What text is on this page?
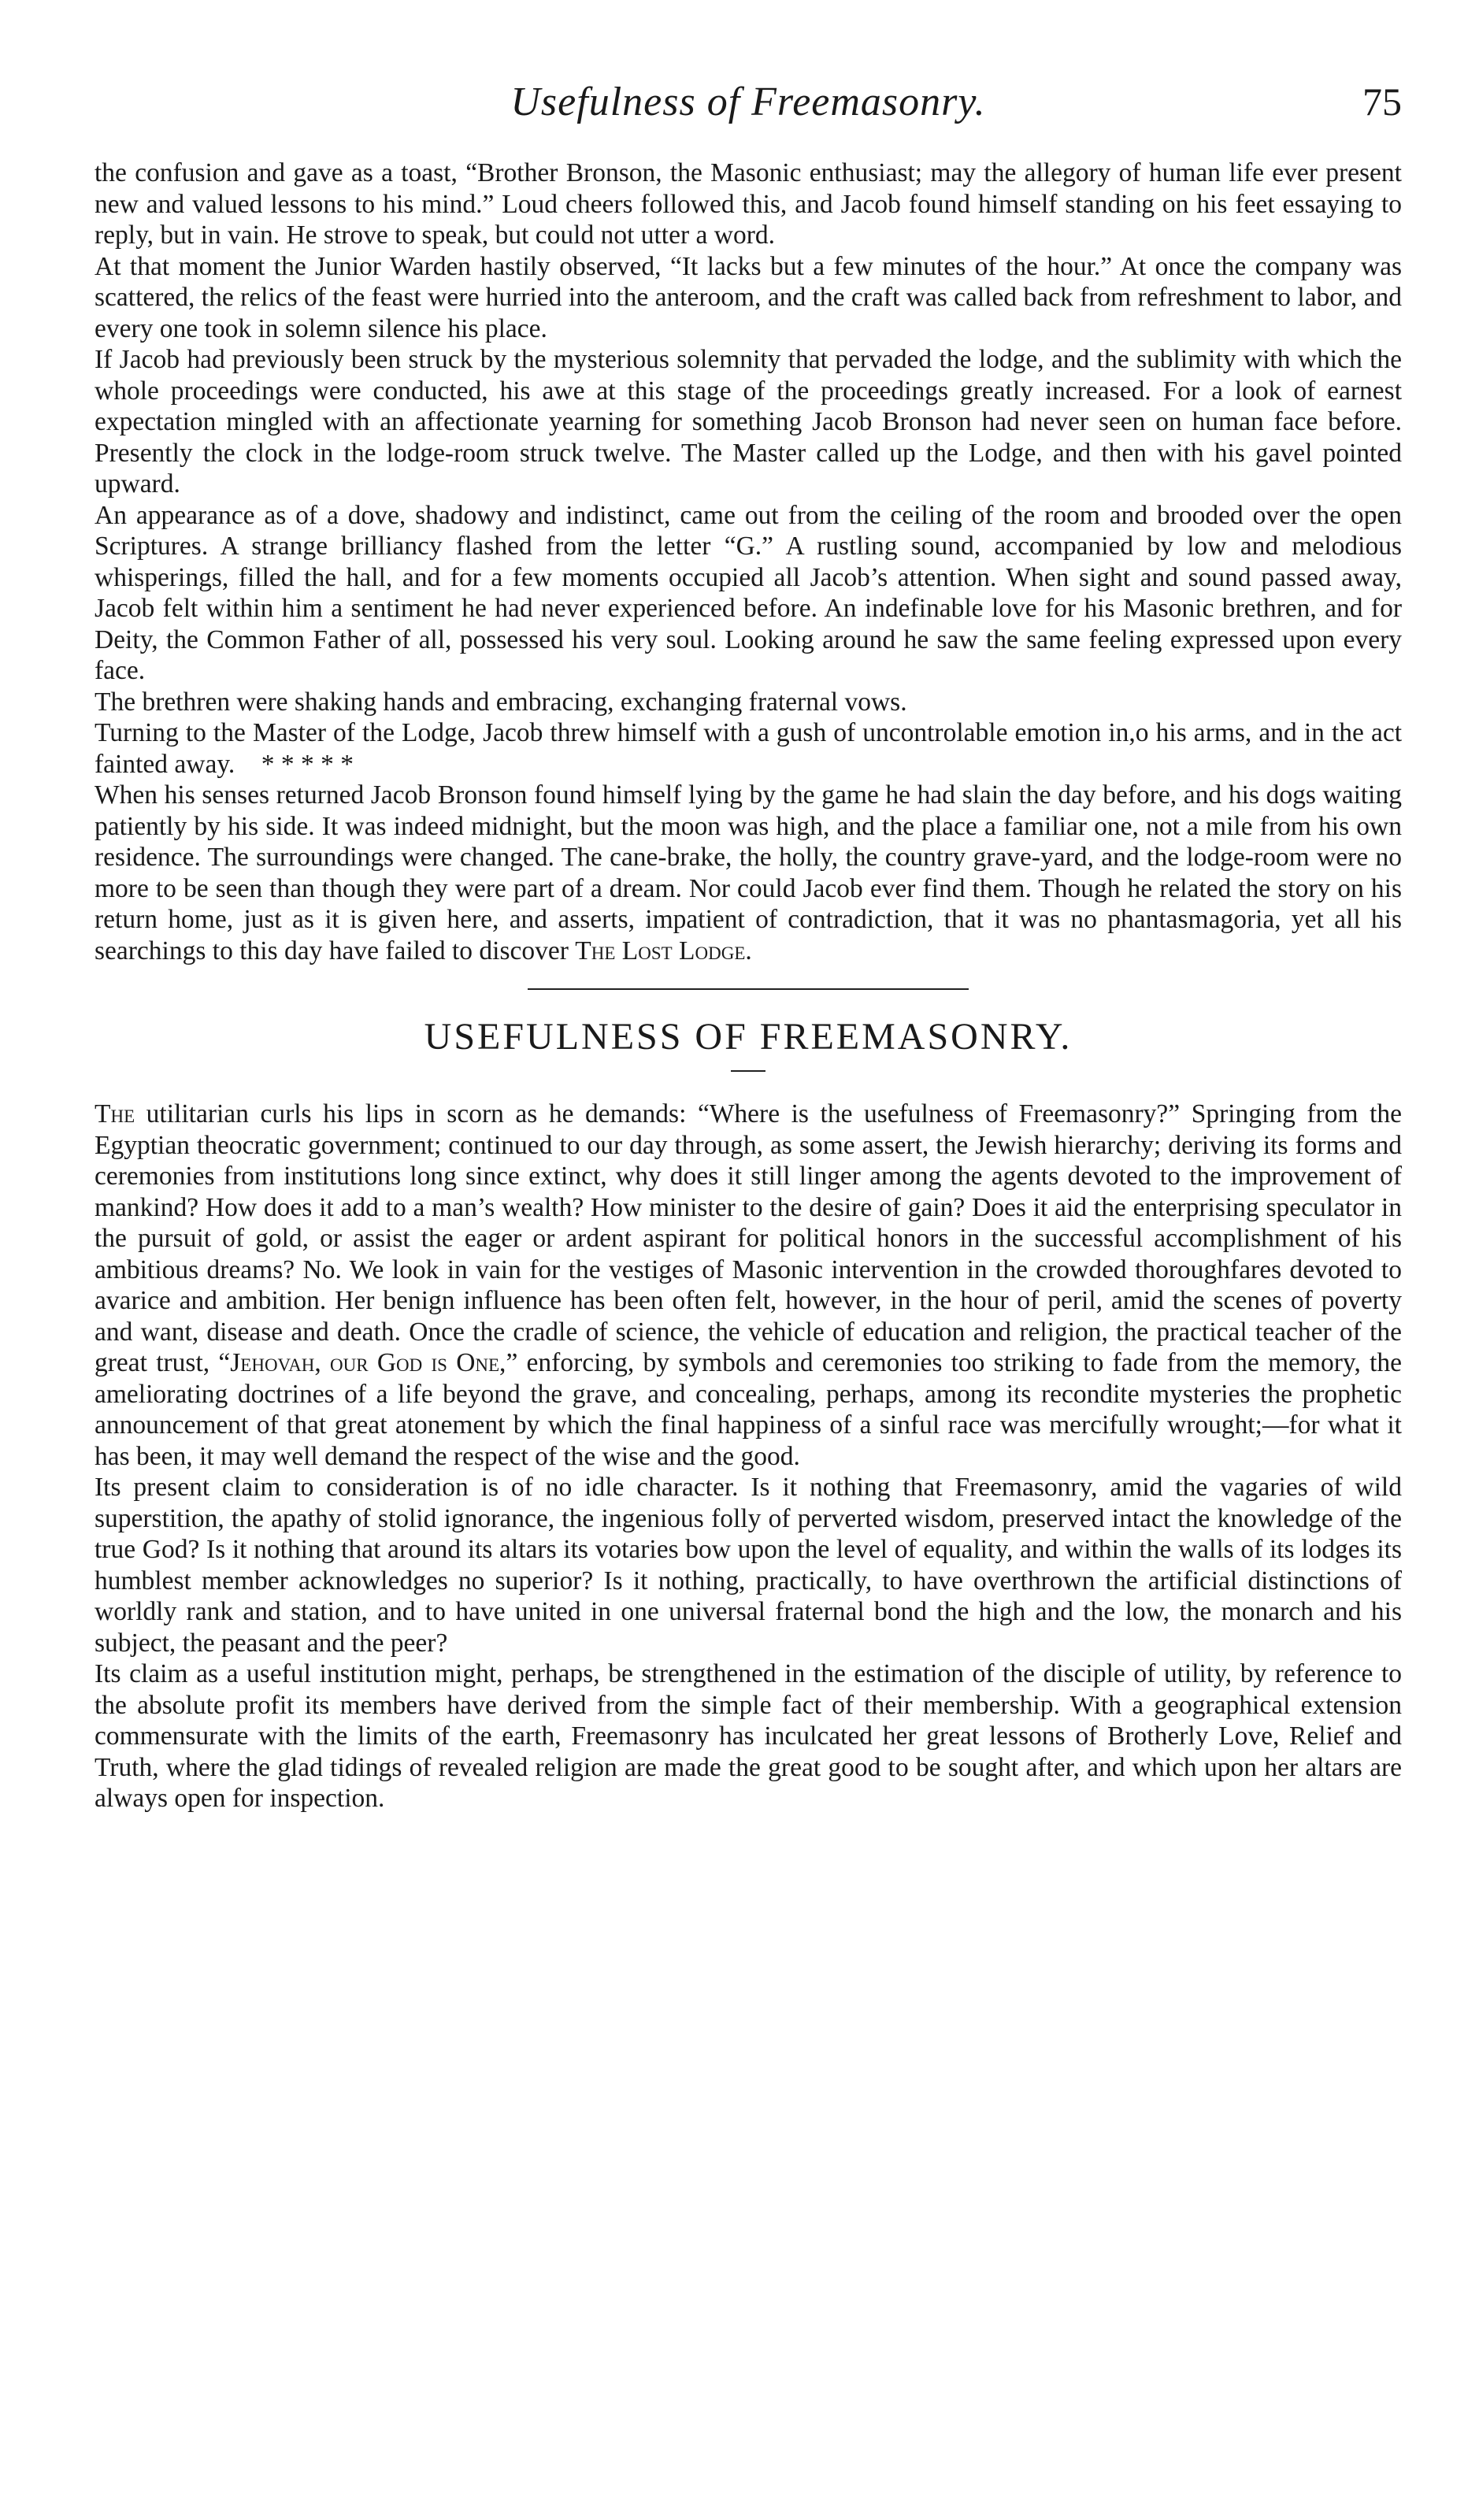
Usefulness of Freemasonry.	75

the confusion and gave as a toast, “Brother Bronson, the Masonic enthusiast; may the allegory of human life ever present new and valued lessons to his mind.” Loud cheers followed this, and Jacob found himself standing on his feet essaying to reply, but in vain. He strove to speak, but could not utter a word.

At that moment the Junior Warden hastily observed, “It lacks but a few minutes of the hour.” At once the company was scattered, the relics of the feast were hurried into the anteroom, and the craft was called back from refreshment to labor, and every one took in solemn silence his place.

If Jacob had previously been struck by the mysterious solemnity that pervaded the lodge, and the sublimity with which the whole proceedings were conducted, his awe at this stage of the proceedings greatly increased. For a look of earnest expectation mingled with an affectionate yearning for something Jacob Bronson had never seen on human face before. Presently the clock in the lodge-room struck twelve. The Master called up the Lodge, and then with his gavel pointed upward.

An appearance as of a dove, shadowy and indistinct, came out from the ceiling of the room and brooded over the open Scriptures. A strange brilliancy flashed from the letter “G.” A rustling sound, accompanied by low and melodious whisperings, filled the hall, and for a few moments occupied all Jacob’s attention. When sight and sound passed away, Jacob felt within him a sentiment he had never experienced before. An indefinable love for his Masonic brethren, and for Deity, the Common Father of all, possessed his very soul. Looking around he saw the same feeling expressed upon every face.

The brethren were shaking hands and embracing, exchanging fraternal vows.

Turning to the Master of the Lodge, Jacob threw himself with a gush of uncontrolable emotion in,o his arms, and in the act fainted away. * * * * *

When his senses returned Jacob Bronson found himself lying by the game he had slain the day before, and his dogs waiting patiently by his side. It was indeed midnight, but the moon was high, and the place a familiar one, not a mile from his own residence. The surroundings were changed. The cane-brake, the holly, the country grave-yard, and the lodge-room were no more to be seen than though they were part of a dream. Nor could Jacob ever find them. Though he related the story on his return home, just as it is given here, and asserts, impatient of contradiction, that it was no phantasmagoria, yet all his searchings to this day have failed to discover The Lost Lodge.

USEFULNESS OF FREEMASONRY.

The utilitarian curls his lips in scorn as he demands: “Where is the usefulness of Freemasonry?” Springing from the Egyptian theocratic government; continued to our day through, as some assert, the Jewish hierarchy; deriving its forms and ceremonies from institutions long since extinct, why does it still linger among the agents devoted to the improvement of mankind? How does it add to a man’s wealth? How minister to the desire of gain? Does it aid the enterprising speculator in the pursuit of gold, or assist the eager or ardent aspirant for political honors in the successful accomplishment of his ambitious dreams? No. We look in vain for the vestiges of Masonic intervention in the crowded thoroughfares devoted to avarice and ambition. Her benign influence has been often felt, however, in the hour of peril, amid the scenes of poverty and want, disease and death. Once the cradle of science, the vehicle of education and religion, the practical teacher of the great trust, “Jehovah, our God is One,” enforcing, by symbols and ceremonies too striking to fade from the memory, the ameliorating doctrines of a life beyond the grave, and concealing, perhaps, among its recondite mysteries the prophetic announcement of that great atonement by which the final happiness of a sinful race was mercifully wrought;—for what it has been, it may well demand the respect of the wise and the good.

Its present claim to consideration is of no idle character. Is it nothing that Freemasonry, amid the vagaries of wild superstition, the apathy of stolid ignorance, the ingenious folly of perverted wisdom, preserved intact the knowledge of the true God? Is it nothing that around its altars its votaries bow upon the level of equality, and within the walls of its lodges its humblest member acknowledges no superior? Is it nothing, practically, to have overthrown the artificial distinctions of worldly rank and station, and to have united in one universal fraternal bond the high and the low, the monarch and his subject, the peasant and the peer?

Its claim as a useful institution might, perhaps, be strengthened in the estimation of the disciple of utility, by reference to the absolute profit its members have derived from the simple fact of their membership. With a geographical extension commensurate with the limits of the earth, Freemasonry has inculcated her great lessons of Brotherly Love, Relief and Truth, where the glad tidings of revealed religion are made the great good to be sought after, and which upon her altars are always open for inspection.
